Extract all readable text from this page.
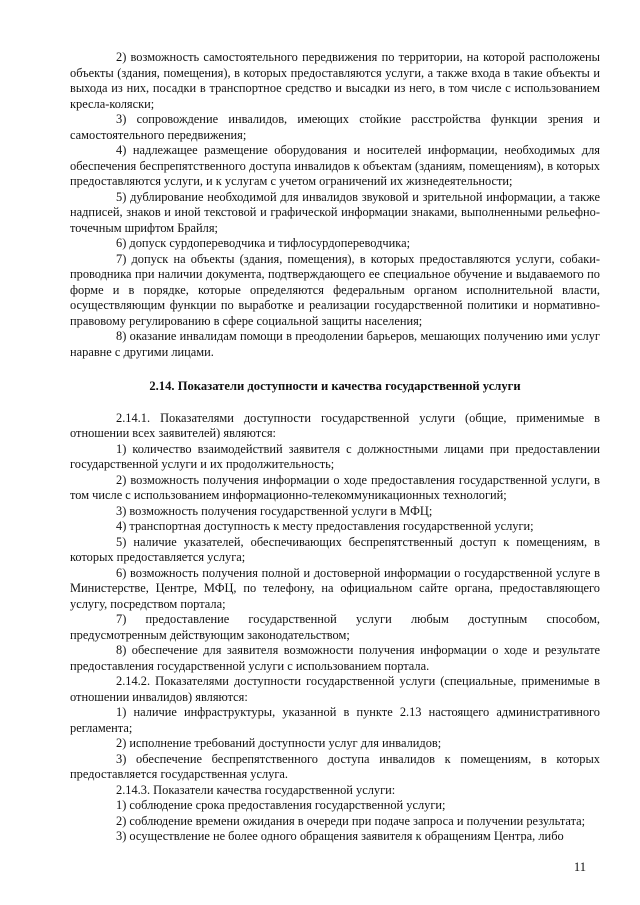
2) возможность самостоятельного передвижения по территории, на которой расположены объекты (здания, помещения), в которых предоставляются услуги, а также входа в такие объекты и выхода из них, посадки в транспортное средство и высадки из него, в том числе с использованием кресла-коляски;

3) сопровождение инвалидов, имеющих стойкие расстройства функции зрения и самостоятельного передвижения;

4) надлежащее размещение оборудования и носителей информации, необходимых для обеспечения беспрепятственного доступа инвалидов к объектам (зданиям, помещениям), в которых предоставляются услуги, и к услугам с учетом ограничений их жизнедеятельности;

5) дублирование необходимой для инвалидов звуковой и зрительной информации, а также надписей, знаков и иной текстовой и графической информации знаками, выполненными рельефно-точечным шрифтом Брайля;

6) допуск сурдопереводчика и тифлосурдопереводчика;

7) допуск на объекты (здания, помещения), в которых предоставляются услуги, собаки-проводника при наличии документа, подтверждающего ее специальное обучение и выдаваемого по форме и в порядке, которые определяются федеральным органом исполнительной власти, осуществляющим функции по выработке и реализации государственной политики и нормативно-правовому регулированию в сфере социальной защиты населения;

8) оказание инвалидам помощи в преодолении барьеров, мешающих получению ими услуг наравне с другими лицами.

2.14. Показатели доступности и качества государственной услуги

2.14.1. Показателями доступности государственной услуги (общие, применимые в отношении всех заявителей) являются:

1) количество взаимодействий заявителя с должностными лицами при предоставлении государственной услуги и их продолжительность;

2) возможность получения информации о ходе предоставления государственной услуги, в том числе с использованием информационно-телекоммуникационных технологий;

3) возможность получения государственной услуги в МФЦ;

4) транспортная доступность к месту предоставления государственной услуги;

5) наличие указателей, обеспечивающих беспрепятственный доступ к помещениям, в которых предоставляется услуга;

6) возможность получения полной и достоверной информации о государственной услуге в Министерстве, Центре, МФЦ, по телефону, на официальном сайте органа, предоставляющего услугу, посредством портала;

7) предоставление государственной услуги любым доступным способом, предусмотренным действующим законодательством;

8) обеспечение для заявителя возможности получения информации о ходе и результате предоставления государственной услуги с использованием портала.

2.14.2. Показателями доступности государственной услуги (специальные, применимые в отношении инвалидов) являются:

1) наличие инфраструктуры, указанной в пункте 2.13 настоящего административного регламента;

2) исполнение требований доступности услуг для инвалидов;

3) обеспечение беспрепятственного доступа инвалидов к помещениям, в которых предоставляется государственная услуга.

2.14.3. Показатели качества государственной услуги:

1) соблюдение срока предоставления государственной услуги;

2) соблюдение времени ожидания в очереди при подаче запроса и получении результата;

3) осуществление не более одного обращения заявителя к обращениям Центра, либо

11
